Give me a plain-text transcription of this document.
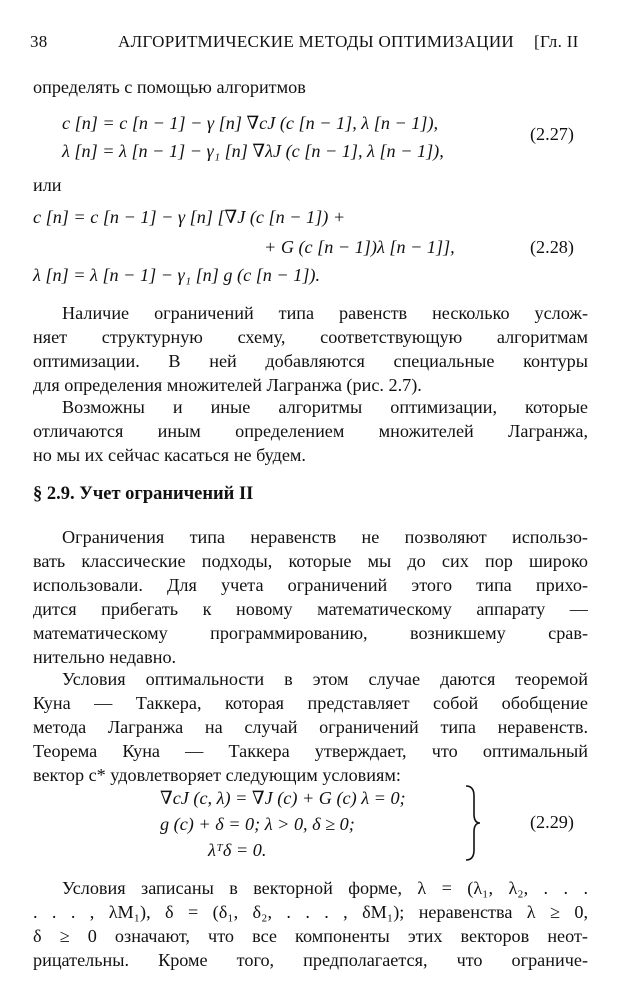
38	АЛГОРИТМИЧЕСКИЕ МЕТОДЫ ОПТИМИЗАЦИИ [Гл. II
определять с помощью алгоритмов
c [n] = c [n − 1] − γ [n] ∇cJ (c [n − 1], λ [n − 1]),
λ [n] = λ [n − 1] − γ₁ [n] ∇λJ (c [n − 1], λ [n − 1]),
(2.27)
или
c [n] = c [n − 1] − γ [n] [∇J (c [n − 1]) +
+ G (c [n − 1])λ [n − 1]],	(2.28)
λ [n] = λ [n − 1] − γ₁ [n] g (c [n − 1]).
Наличие ограничений типа равенств несколько услож-
няет структурную схему, соответствующую алгоритмам
оптимизации. В ней добавляются специальные контуры
для определения множителей Лагранжа (рис. 2.7).
Возможны и иные алгоритмы оптимизации, которые
отличаются иным определением множителей Лагранжа,
но мы их сейчас касаться не будем.
§ 2.9. Учет ограничений II
Ограничения типа неравенств не позволяют использо-
вать классические подходы, которые мы до сих пор широко
использовали. Для учета ограничений этого типа прихо-
дится прибегать к новому математическому аппарату —
математическому программированию, возникшему срав-
нительно недавно.
Условия оптимальности в этом случае даются теоремой
Куна — Таккера, которая представляет собой обобщение
метода Лагранжа на случай ограничений типа неравенств.
Теорема Куна — Таккера утверждает, что оптимальный
вектор c* удовлетворяет следующим условиям:
∇cJ (c, λ) = ∇J (c) + G (c) λ = 0;
g (c) + δ = 0; λ > 0, δ ≥ 0;
λᵀδ = 0.
(2.29)
Условия записаны в векторной форме, λ = (λ₁, λ₂, . . .
. . . , λM₁), δ = (δ₁, δ₂, . . . , δM₁); неравенства λ ≥ 0,
δ ≥ 0 означают, что все компоненты этих векторов неот-
рицательны. Кроме того, предполагается, что ограниче-
